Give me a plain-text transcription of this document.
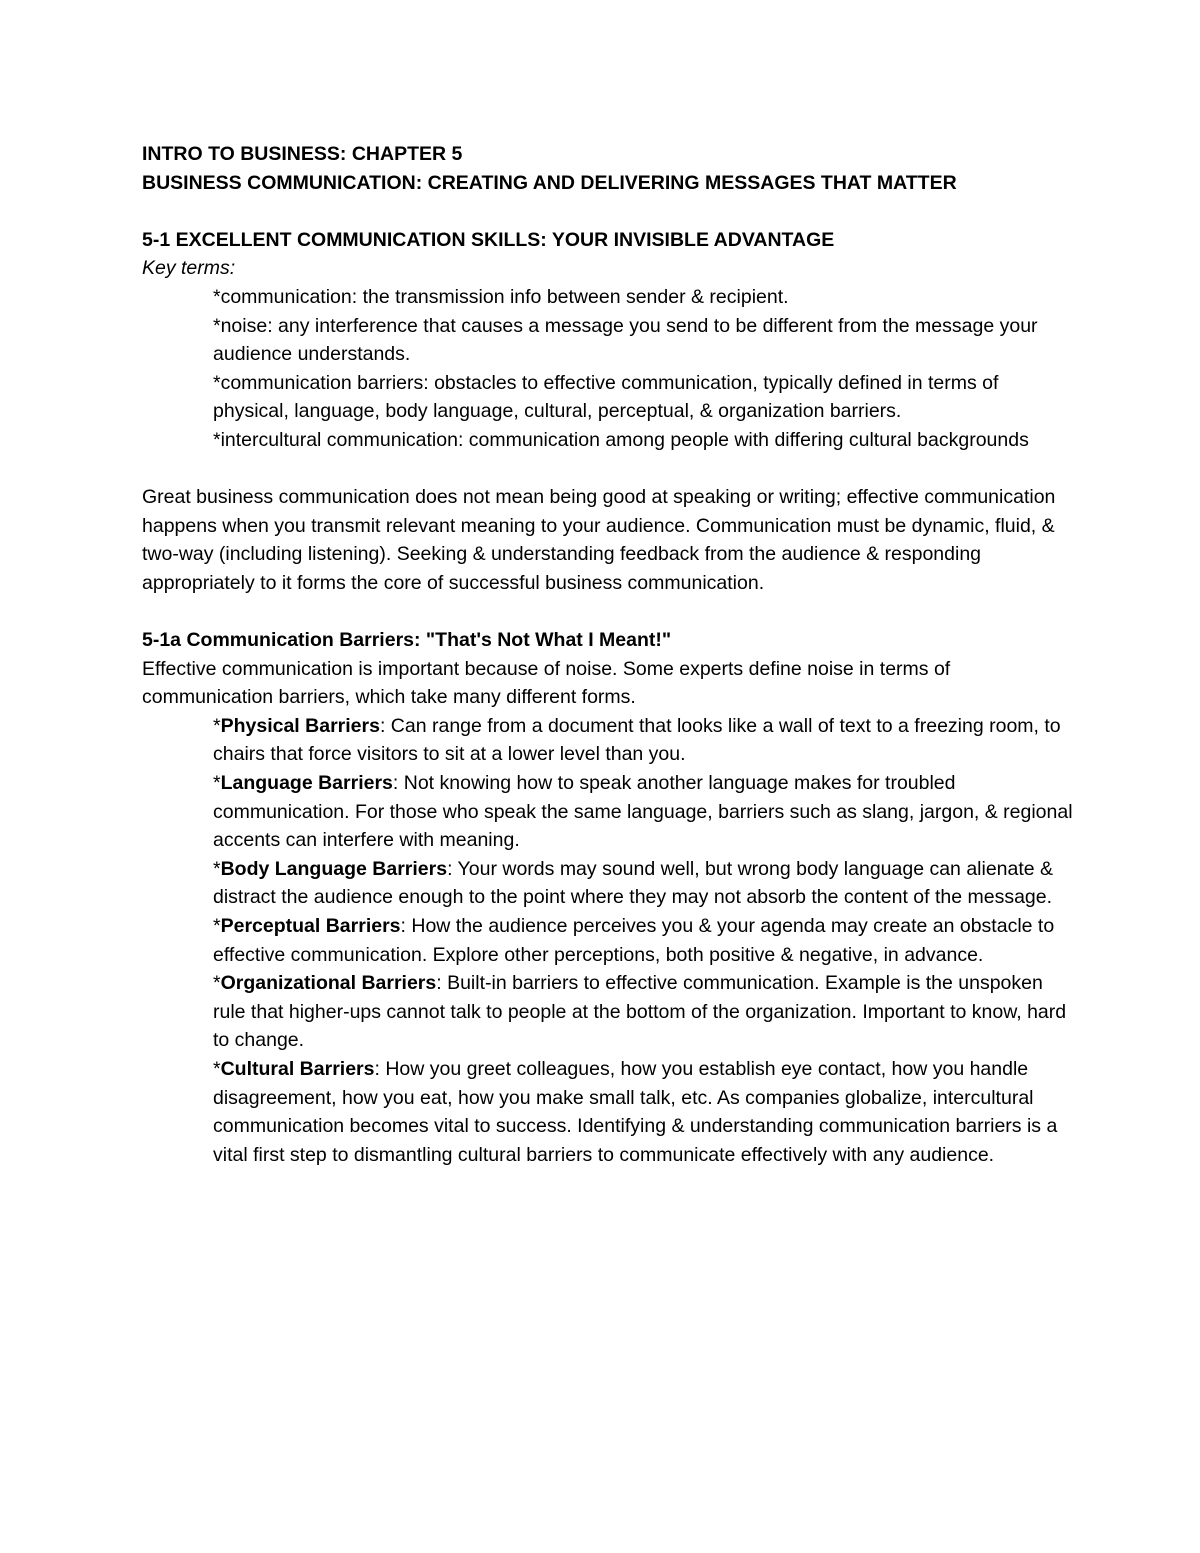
INTRO TO BUSINESS: CHAPTER 5

BUSINESS COMMUNICATION: CREATING AND DELIVERING MESSAGES THAT MATTER

5-1 EXCELLENT COMMUNICATION SKILLS: YOUR INVISIBLE ADVANTAGE

Key terms:

*communication: the transmission info between sender & recipient.

*noise: any interference that causes a message you send to be different from the message your audience understands.

*communication barriers: obstacles to effective communication, typically defined in terms of physical, language, body language, cultural, perceptual, & organization barriers.

*intercultural communication: communication among people with differing cultural backgrounds

Great business communication does not mean being good at speaking or writing; effective communication happens when you transmit relevant meaning to your audience. Communication must be dynamic, fluid, & two-way (including listening). Seeking & understanding feedback from the audience & responding appropriately to it forms the core of successful business communication.

5-1a Communication Barriers: "That's Not What I Meant!"

Effective communication is important because of noise. Some experts define noise in terms of communication barriers, which take many different forms.

*Physical Barriers: Can range from a document that looks like a wall of text to a freezing room, to chairs that force visitors to sit at a lower level than you.

*Language Barriers: Not knowing how to speak another language makes for troubled communication. For those who speak the same language, barriers such as slang, jargon, & regional accents can interfere with meaning.

*Body Language Barriers: Your words may sound well, but wrong body language can alienate & distract the audience enough to the point where they may not absorb the content of the message.

*Perceptual Barriers: How the audience perceives you & your agenda may create an obstacle to effective communication. Explore other perceptions, both positive & negative, in advance.

*Organizational Barriers: Built-in barriers to effective communication. Example is the unspoken rule that higher-ups cannot talk to people at the bottom of the organization. Important to know, hard to change.

*Cultural Barriers: How you greet colleagues, how you establish eye contact, how you handle disagreement, how you eat, how you make small talk, etc. As companies globalize, intercultural communication becomes vital to success. Identifying & understanding communication barriers is a vital first step to dismantling cultural barriers to communicate effectively with any audience.
